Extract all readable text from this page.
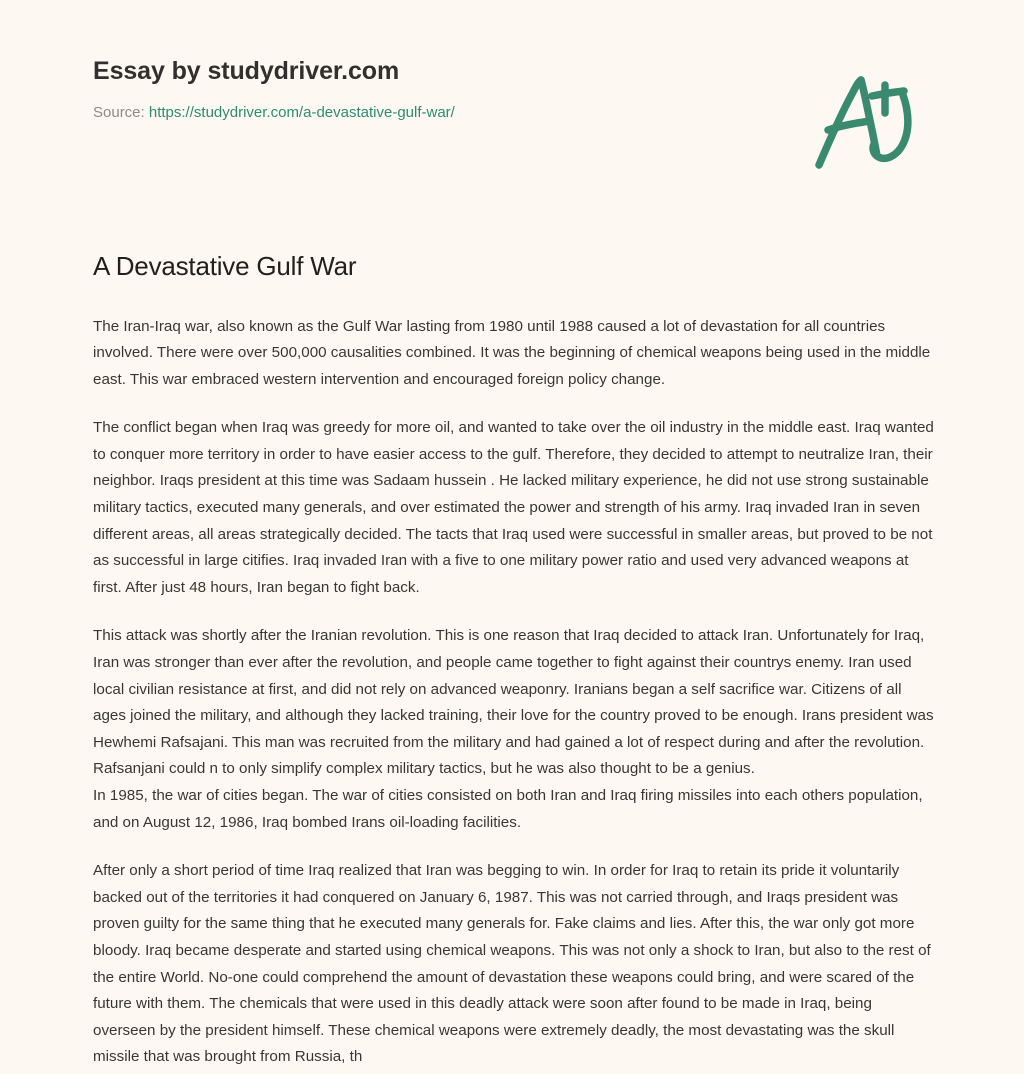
Essay by studydriver.com
Source: https://studydriver.com/a-devastative-gulf-war/
A Devastative Gulf War

The Iran-Iraq war, also known as the Gulf War lasting from 1980 until 1988 caused a lot of devastation for all countries involved. There were over 500,000 causalities combined. It was the beginning of chemical weapons being used in the middle east. This war embraced western intervention and encouraged foreign policy change.

The conflict began when Iraq was greedy for more oil, and wanted to take over the oil industry in the middle east. Iraq wanted to conquer more territory in order to have easier access to the gulf. Therefore, they decided to attempt to neutralize Iran, their neighbor. Iraqs president at this time was Sadaam hussein . He lacked military experience, he did not use strong sustainable military tactics, executed many generals, and over estimated the power and strength of his army. Iraq invaded Iran in seven different areas, all areas strategically decided. The tacts that Iraq used were successful in smaller areas, but proved to be not as successful in large citifies. Iraq invaded Iran with a five to one military power ratio and used very advanced weapons at first. After just 48 hours, Iran began to fight back.

This attack was shortly after the Iranian revolution. This is one reason that Iraq decided to attack Iran. Unfortunately for Iraq, Iran was stronger than ever after the revolution, and people came together to fight against their countrys enemy. Iran used local civilian resistance at first, and did not rely on advanced weaponry. Iranians began a self sacrifice war. Citizens of all ages joined the military, and although they lacked training, their love for the country proved to be enough. Irans president was Hewhemi Rafsajani. This man was recruited from the military and had gained a lot of respect during and after the revolution. Rafsanjani could n to only simplify complex military tactics, but he was also thought to be a genius.
In 1985, the war of cities began. The war of cities consisted on both Iran and Iraq firing missiles into each others population, and on August 12, 1986, Iraq bombed Irans oil-loading facilities.

After only a short period of time Iraq realized that Iran was begging to win. In order for Iraq to retain its pride it voluntarily backed out of the territories it had conquered on January 6, 1987. This was not carried through, and Iraqs president was proven guilty for the same thing that he executed many generals for. Fake claims and lies. After this, the war only got more bloody. Iraq became desperate and started using chemical weapons. This was not only a shock to Iran, but also to the rest of the entire World. No-one could comprehend the amount of devastation these weapons could bring, and were scared of the future with them. The chemicals that were used in this deadly attack were soon after found to be made in Iraq, being overseen by the president himself. These chemical weapons were extremely deadly, the most devastating was the skull missile that was brought from Russia, th
